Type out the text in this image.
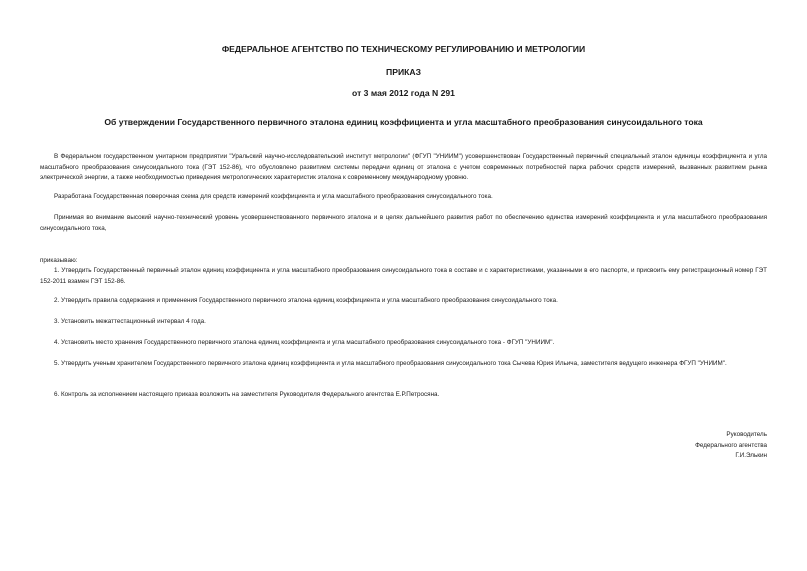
ФЕДЕРАЛЬНОЕ АГЕНТСТВО ПО ТЕХНИЧЕСКОМУ РЕГУЛИРОВАНИЮ И МЕТРОЛОГИИ
ПРИКАЗ
от 3 мая 2012 года N 291
Об утверждении Государственного первичного эталона единиц коэффициента и угла масштабного преобразования синусоидального тока
В Федеральном государственном унитарном предприятии "Уральский научно-исследовательский институт метрологии" (ФГУП "УНИИМ") усовершенствован Государственный первичный специальный эталон единицы коэффициента и угла масштабного преобразования синусоидального тока (ГЭТ 152-86), что обусловлено развитием системы передачи единиц от эталона с учетом современных потребностей парка рабочих средств измерений, вызванных развитием рынка электрической энергии, а также необходимостью приведения метрологических характеристик эталона к современному международному уровню.
Разработана Государственная поверочная схема для средств измерений коэффициента и угла масштабного преобразования синусоидального тока.
Принимая во внимание высокий научно-технический уровень усовершенствованного первичного эталона и в целях дальнейшего развития работ по обеспечению единства измерений коэффициента и угла масштабного преобразования синусоидального тока,
приказываю:
1. Утвердить Государственный первичный эталон единиц коэффициента и угла масштабного преобразования синусоидального тока в составе и с характеристиками, указанными в его паспорте, и присвоить ему регистрационный номер ГЭТ 152-2011 взамен ГЭТ 152-86.
2. Утвердить правила содержания и применения Государственного первичного эталона единиц коэффициента и угла масштабного преобразования синусоидального тока.
3. Установить межаттестационный интервал 4 года.
4. Установить место хранения Государственного первичного эталона единиц коэффициента и угла масштабного преобразования синусоидального тока - ФГУП "УНИИМ".
5. Утвердить ученым хранителем Государственного первичного эталона единиц коэффициента и угла масштабного преобразования синусоидального тока Сычева Юрия Ильича, заместителя ведущего инженера ФГУП "УНИИМ".
6. Контроль за исполнением настоящего приказа возложить на заместителя Руководителя Федерального агентства Е.Р.Петросяна.
Руководитель
Федерального агентства
Г.И.Элькин
